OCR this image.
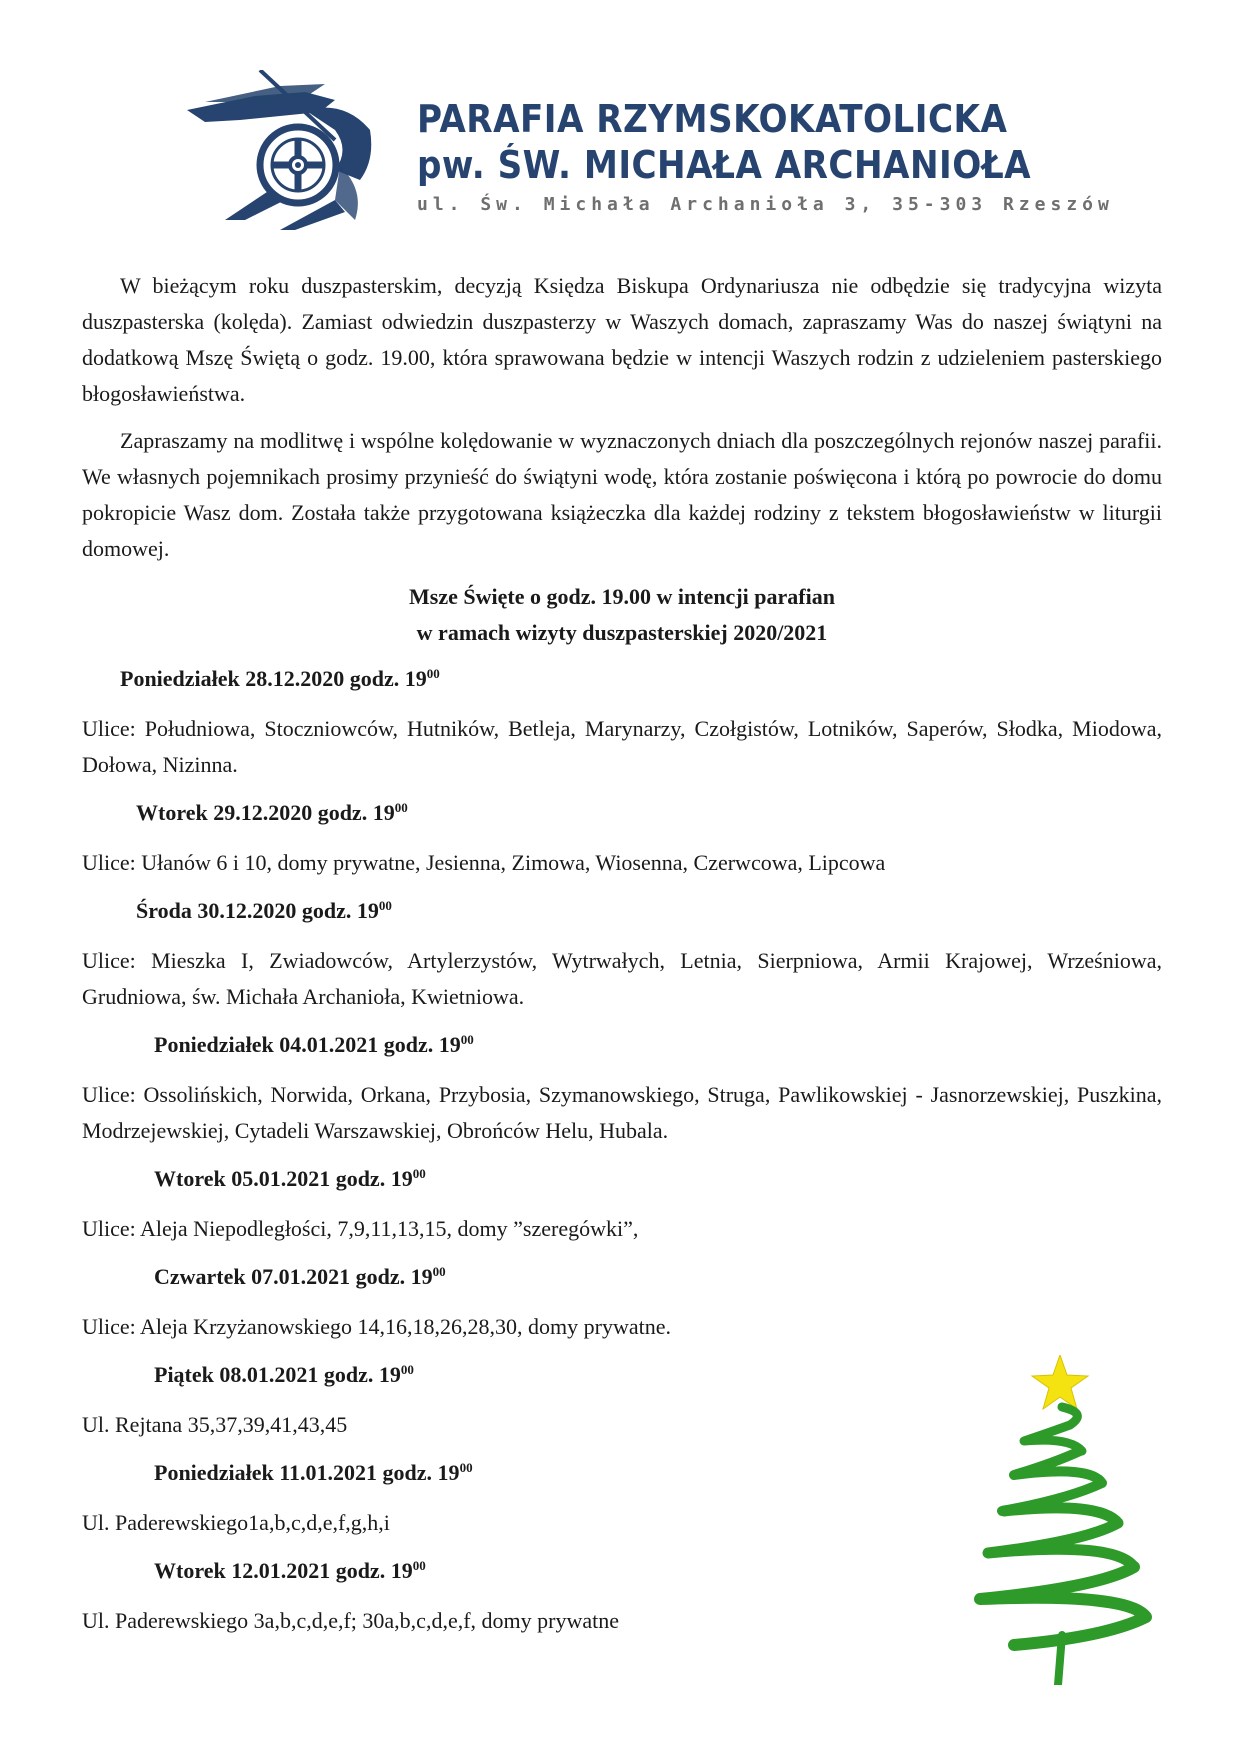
PARAFIA RZYMSKOKATOLICKA
pw. ŚW. MICHAŁA ARCHANIOŁA
ul. Św. Michała Archanioła 3, 35-303 Rzeszów

W bieżącym roku duszpasterskim, decyzją Księdza Biskupa Ordynariusza nie odbędzie się tradycyjna wizyta duszpasterska (kolęda). Zamiast odwiedzin duszpasterzy w Waszych domach, zapraszamy Was do naszej świątyni na dodatkową Mszę Świętą o godz. 19.00, która sprawowana będzie w intencji Waszych rodzin z udzieleniem pasterskiego błogosławieństwa.

Zapraszamy na modlitwę i wspólne kolędowanie w wyznaczonych dniach dla poszczególnych rejonów naszej parafii. We własnych pojemnikach prosimy przynieść do świątyni wodę, która zostanie poświęcona i którą po powrocie do domu pokropicie Wasz dom. Została także przygotowana książeczka dla każdej rodziny z tekstem błogosławieństw w liturgii domowej.

Msze Święte o godz. 19.00 w intencji parafian
w ramach wizyty duszpasterskiej 2020/2021
Poniedziałek 28.12.2020 godz. $19^{00}$

Ulice: Południowa, Stoczniowców, Hutników, Betleja, Marynarzy, Czołgistów, Lotników, Saperów, Słodka, Miodowa, Dołowa, Nizinna.

Wtorek 29.12.2020 godz. $19^{00}$

Ulice: Ułanów 6 i 10, domy prywatne, Jesienna, Zimowa, Wiosenna, Czerwcowa, Lipcowa

Środa 30.12.2020 godz. $19^{00}$

Ulice: Mieszka I, Zwiadowców, Artylerzystów, Wytrwałych, Letnia, Sierpniowa, Armii Krajowej, Wrześniowa, Grudniowa, św. Michała Archanioła, Kwietniowa.

Poniedziałek 04.01.2021 godz. $19^{00}$

Ulice: Ossolińskich, Norwida, Orkana, Przybosia, Szymanowskiego, Struga, Pawlikowskiej - Jasnorzewskiej, Puszkina, Modrzejewskiej, Cytadeli Warszawskiej, Obrońców Helu, Hubala.

Wtorek 05.01.2021 godz. $19^{00}$

Ulice: Aleja Niepodległości, 7,9,11,13,15, domy ”szeregówki”,

Czwartek 07.01.2021 godz. $19^{00}$

Ulice: Aleja Krzyżanowskiego 14,16,18,26,28,30, domy prywatne.

Piątek 08.01.2021 godz. $19^{00}$

Ul. Rejtana 35,37,39,41,43,45

Poniedziałek 11.01.2021 godz. $19^{00}$

Ul. Paderewskiego1a,b,c,d,e,f,g,h,i

Wtorek 12.01.2021 godz. $19^{00}$

Ul. Paderewskiego 3a,b,c,d,e,f; 30a,b,c,d,e,f, domy prywatne
